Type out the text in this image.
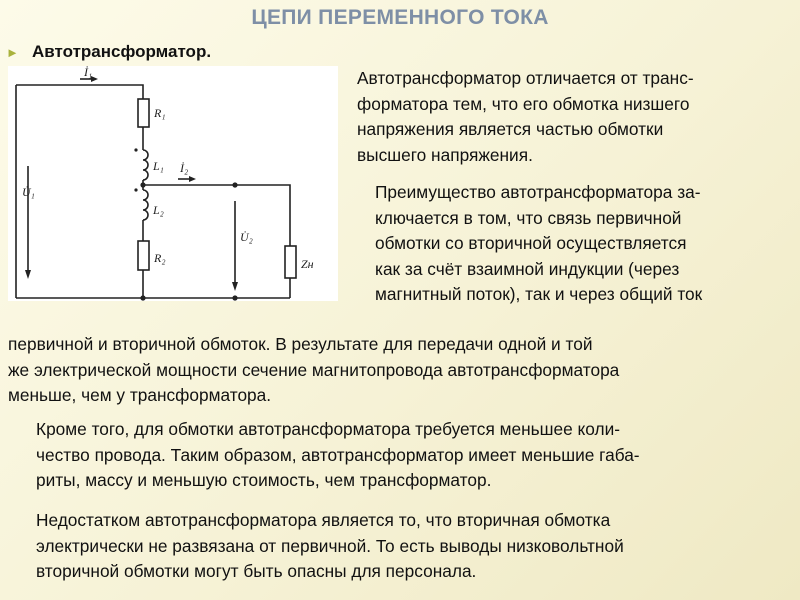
ЦЕПИ ПЕРЕМЕННОГО ТОКА
► Автотрансформатор.
İ₁
R₁
L₁ İ₂
L₂
U̇₁
U̇₂
R₂	Zн

Автотрансформатор отличается от транс-
форматора тем, что его обмотка низшего
напряжения является частью обмотки
высшего напряжения.

Преимущество автотрансформатора за-
ключается в том, что связь первичной
обмотки со вторичной осуществляется
как за счёт взаимной индукции (через
магнитный поток), так и через общий ток

первичной и вторичной обмоток. В результате для передачи одной и той
же электрической мощности сечение магнитопровода автотрансформатора
меньше, чем у трансформатора.

Кроме того, для обмотки автотрансформатора требуется меньшее коли-
чество провода. Таким образом, автотрансформатор имеет меньшие габа-
риты, массу и меньшую стоимость, чем трансформатор.

Недостатком автотрансформатора является то, что вторичная обмотка
электрически не развязана от первичной. То есть выводы низковольтной
вторичной обмотки могут быть опасны для персонала.
